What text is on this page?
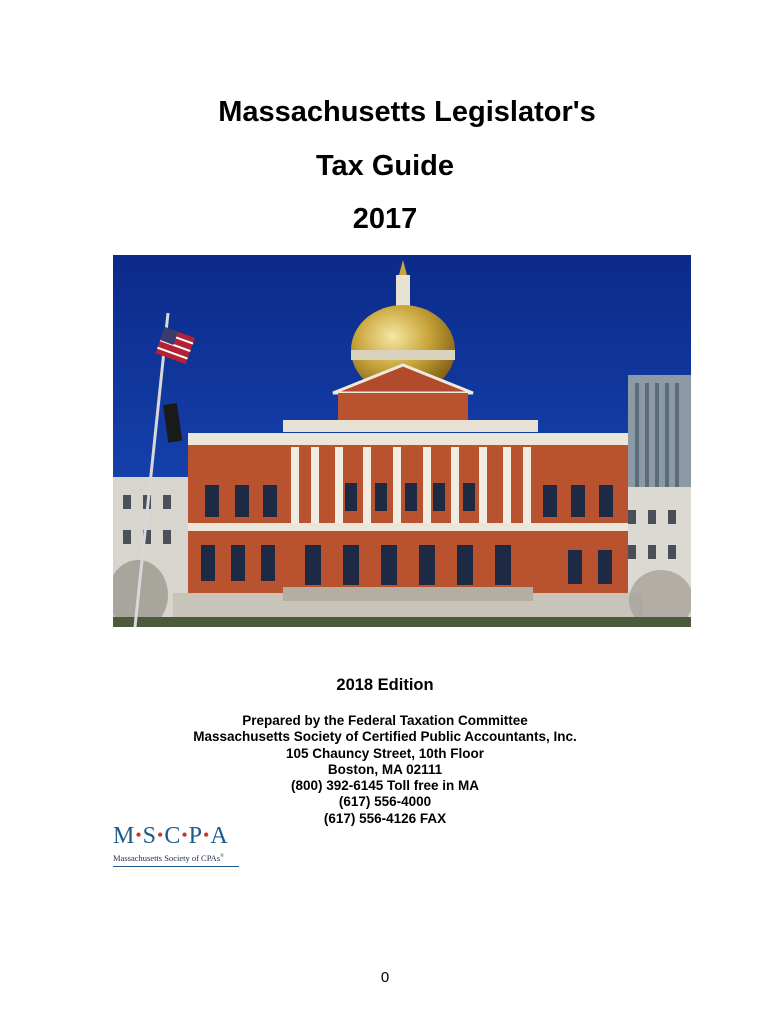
Massachusetts Legislator's
Tax Guide
2017
2018 Edition
Prepared by the Federal Taxation Committee
Massachusetts Society of Certified Public Accountants, Inc.
105 Chauncy Street, 10th Floor
Boston, MA 02111
(800) 392-6145 Toll free in MA
(617) 556-4000
(617) 556-4126 FAX
M•S•C•P•A
Massachusetts Society of CPAs®
0
